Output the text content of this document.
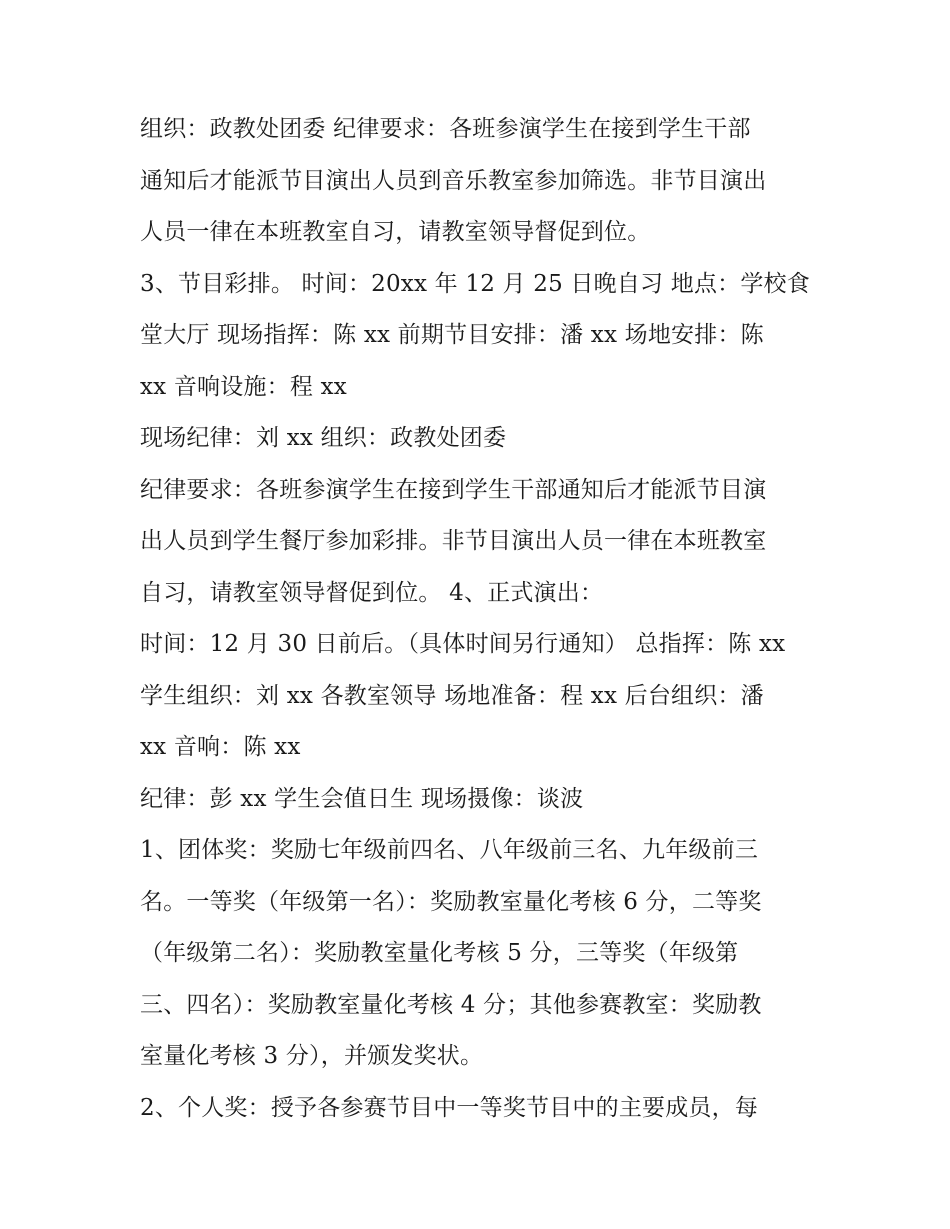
组织：政教处团委 纪律要求：各班参演学生在接到学生干部

通知后才能派节目演出人员到音乐教室参加筛选。非节目演出

人员一律在本班教室自习，请教室领导督促到位。

3、节目彩排。 时间：20xx 年 12 月 25 日晚自习 地点：学校食

堂大厅 现场指挥：陈 xx 前期节目安排：潘 xx 场地安排：陈

xx 音响设施：程 xx

现场纪律：刘 xx 组织：政教处团委

纪律要求：各班参演学生在接到学生干部通知后才能派节目演

出人员到学生餐厅参加彩排。非节目演出人员一律在本班教室

自习，请教室领导督促到位。 4、正式演出：

时间：12 月 30 日前后。（具体时间另行通知） 总指挥：陈 xx

学生组织：刘 xx 各教室领导 场地准备：程 xx 后台组织：潘

xx 音响：陈 xx

纪律：彭 xx 学生会值日生 现场摄像：谈波

1、团体奖：奖励七年级前四名、八年级前三名、九年级前三

名。一等奖（年级第一名）：奖励教室量化考核 6 分，二等奖

（年级第二名）：奖励教室量化考核 5 分，三等奖（年级第

三、四名）：奖励教室量化考核 4 分；其他参赛教室：奖励教

室量化考核 3 分），并颁发奖状。

2、个人奖：授予各参赛节目中一等奖节目中的主要成员，每
